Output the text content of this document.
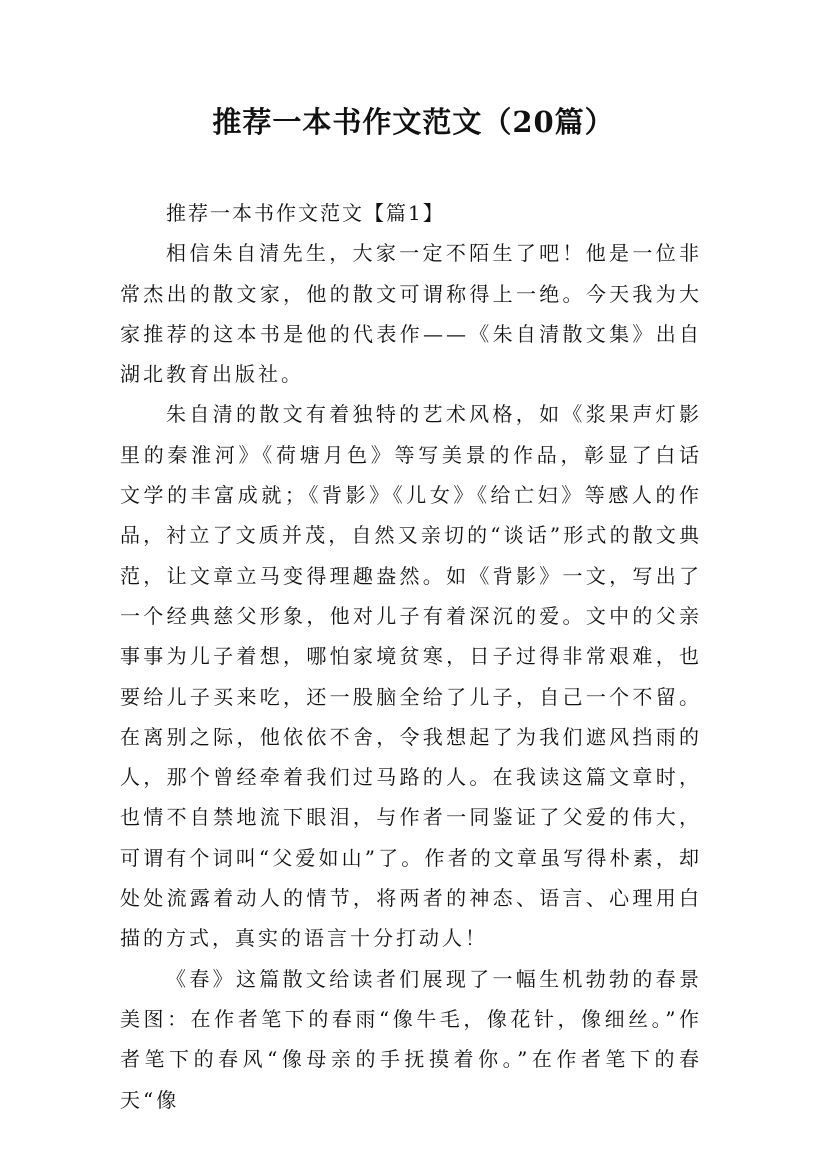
推荐一本书作文范文（20篇）

推荐一本书作文范文【篇1】

相信朱自清先生，大家一定不陌生了吧！他是一位非常杰出的散文家，他的散文可谓称得上一绝。今天我为大家推荐的这本书是他的代表作——《朱自清散文集》出自湖北教育出版社。

朱自清的散文有着独特的艺术风格，如《浆果声灯影里的秦淮河》《荷塘月色》等写美景的作品，彰显了白话文学的丰富成就；《背影》《儿女》《给亡妇》等感人的作品，衬立了文质并茂，自然又亲切的“谈话”形式的散文典范，让文章立马变得理趣盎然。如《背影》一文，写出了一个经典慈父形象，他对儿子有着深沉的爱。文中的父亲事事为儿子着想，哪怕家境贫寒，日子过得非常艰难，也要给儿子买来吃，还一股脑全给了儿子，自己一个不留。在离别之际，他依依不舍，令我想起了为我们遮风挡雨的人，那个曾经牵着我们过马路的人。在我读这篇文章时，也情不自禁地流下眼泪，与作者一同鉴证了父爱的伟大，可谓有个词叫“父爱如山”了。作者的文章虽写得朴素，却处处流露着动人的情节，将两者的神态、语言、心理用白描的方式，真实的语言十分打动人！

《春》这篇散文给读者们展现了一幅生机勃勃的春景美图：在作者笔下的春雨“像牛毛，像花针，像细丝。”作者笔下的春风“像母亲的手抚摸着你。”在作者笔下的春天“像
